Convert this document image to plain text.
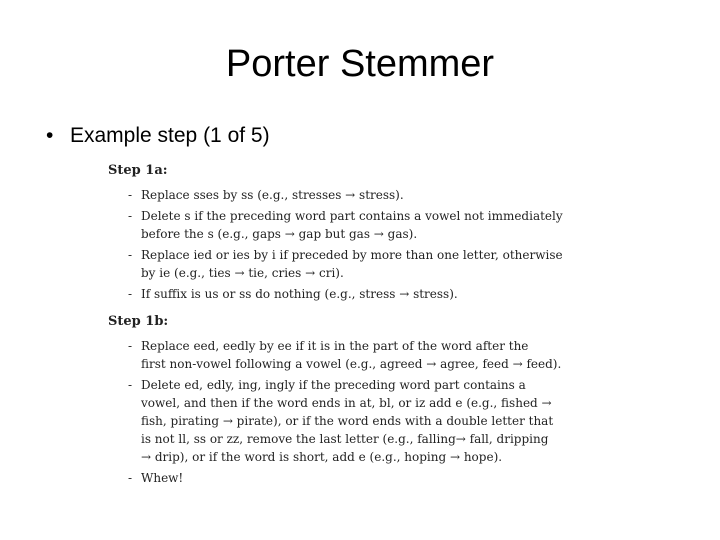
Porter Stemmer
• Example step (1 of 5)
Step 1a:
- Replace sses by ss (e.g., stresses → stress).
- Delete s if the preceding word part contains a vowel not immediately
before the s (e.g., gaps → gap but gas → gas).
- Replace ied or ies by i if preceded by more than one letter, otherwise
by ie (e.g., ties → tie, cries → cri).
- If suffix is us or ss do nothing (e.g., stress → stress).
Step 1b:
- Replace eed, eedly by ee if it is in the part of the word after the
first non-vowel following a vowel (e.g., agreed → agree, feed → feed).
- Delete ed, edly, ing, ingly if the preceding word part contains a
vowel, and then if the word ends in at, bl, or iz add e (e.g., fished →
fish, pirating → pirate), or if the word ends with a double letter that
is not ll, ss or zz, remove the last letter (e.g., falling→ fall, dripping
→ drip), or if the word is short, add e (e.g., hoping → hope).
- Whew!
